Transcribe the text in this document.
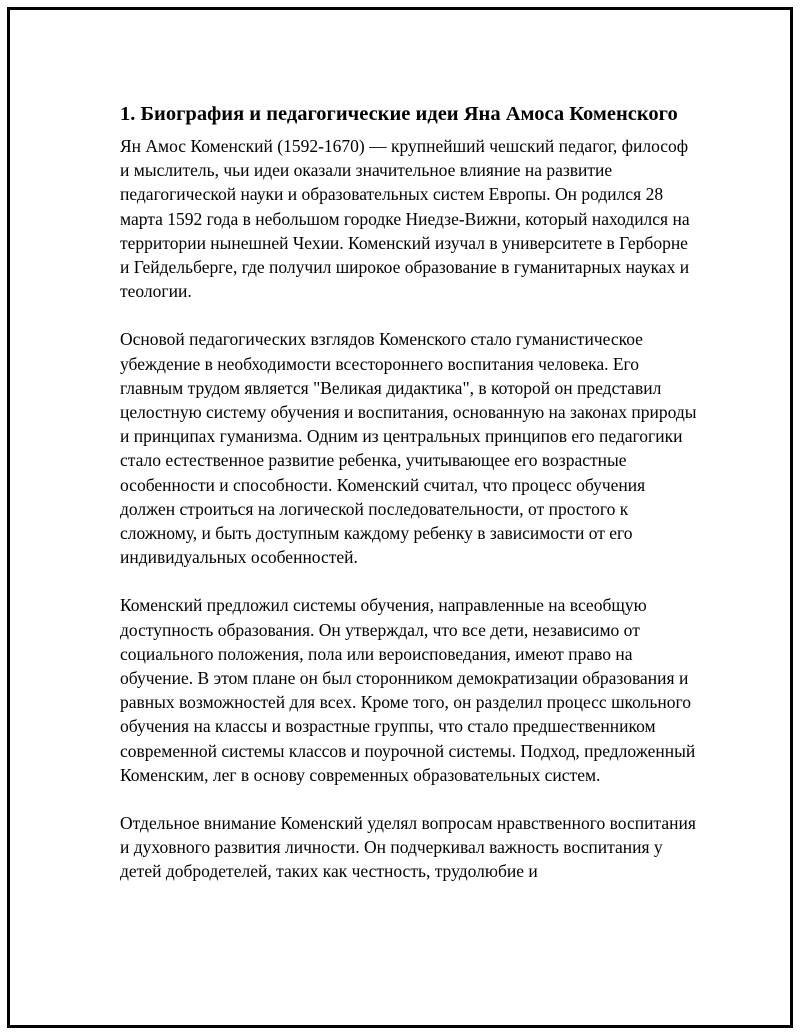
1. Биография и педагогические идеи Яна Амоса Коменского

Ян Амос Коменский (1592-1670) — крупнейший чешский педагог, философ и мыслитель, чьи идеи оказали значительное влияние на развитие педагогической науки и образовательных систем Европы. Он родился 28 марта 1592 года в небольшом городке Ниедзе-Вижни, который находился на территории нынешней Чехии. Коменский изучал в университете в Герборне и Гейдельберге, где получил широкое образование в гуманитарных науках и теологии.

Основой педагогических взглядов Коменского стало гуманистическое убеждение в необходимости всестороннего воспитания человека. Его главным трудом является "Великая дидактика", в которой он представил целостную систему обучения и воспитания, основанную на законах природы и принципах гуманизма. Одним из центральных принципов его педагогики стало естественное развитие ребенка, учитывающее его возрастные особенности и способности. Коменский считал, что процесс обучения должен строиться на логической последовательности, от простого к сложному, и быть доступным каждому ребенку в зависимости от его индивидуальных особенностей.

Коменский предложил системы обучения, направленные на всеобщую доступность образования. Он утверждал, что все дети, независимо от социального положения, пола или вероисповедания, имеют право на обучение. В этом плане он был сторонником демократизации образования и равных возможностей для всех. Кроме того, он разделил процесс школьного обучения на классы и возрастные группы, что стало предшественником современной системы классов и поурочной системы. Подход, предложенный Коменским, лег в основу современных образовательных систем.

Отдельное внимание Коменский уделял вопросам нравственного воспитания и духовного развития личности. Он подчеркивал важность воспитания у детей добродетелей, таких как честность, трудолюбие и
